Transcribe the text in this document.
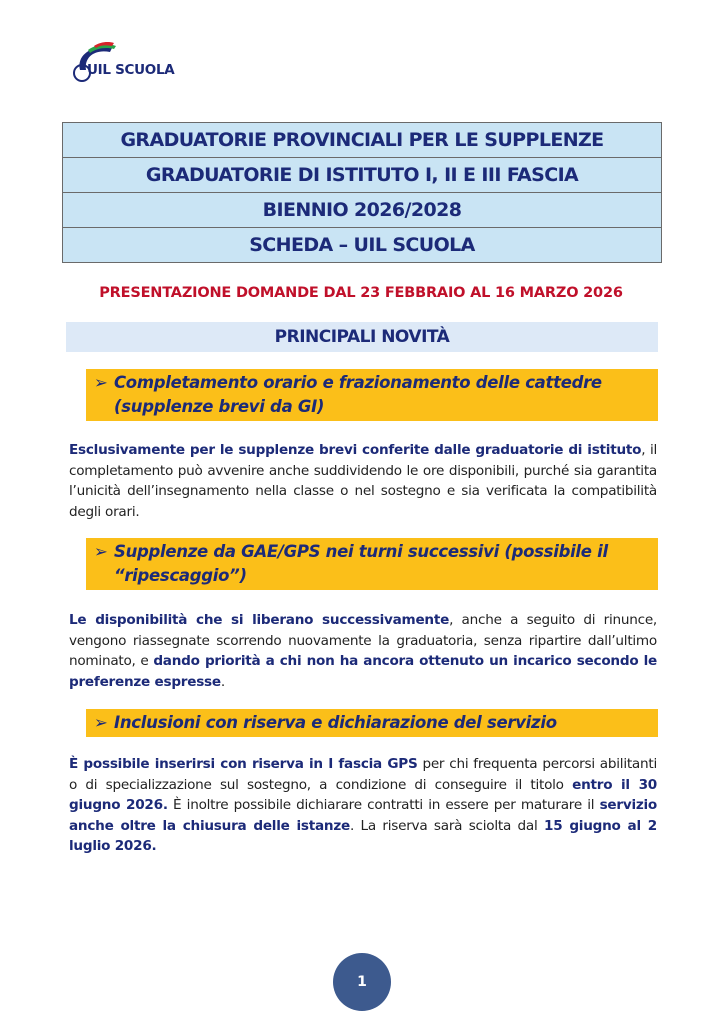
UIL SCUOLA
GRADUATORIE PROVINCIALI PER LE SUPPLENZE
GRADUATORIE DI ISTITUTO I, II E III FASCIA
BIENNIO 2026/2028
SCHEDA – UIL SCUOLA
PRESENTAZIONE DOMANDE DAL 23 FEBBRAIO AL 16 MARZO 2026
PRINCIPALI NOVITÀ
➢ Completamento orario e frazionamento delle cattedre
(supplenze brevi da GI)
Esclusivamente per le supplenze brevi conferite dalle graduatorie di istituto, il completamento può avvenire anche suddividendo le ore disponibili, purché sia garantita l’unicità dell’insegnamento nella classe o nel sostegno e sia verificata la compatibilità degli orari.
➢ Supplenze da GAE/GPS nei turni successivi (possibile il
“ripescaggio”)
Le disponibilità che si liberano successivamente, anche a seguito di rinunce, vengono riassegnate scorrendo nuovamente la graduatoria, senza ripartire dall’ultimo nominato, e dando priorità a chi non ha ancora ottenuto un incarico secondo le preferenze espresse.
➢ Inclusioni con riserva e dichiarazione del servizio
È possibile inserirsi con riserva in I fascia GPS per chi frequenta percorsi abilitanti o di specializzazione sul sostegno, a condizione di conseguire il titolo entro il 30 giugno 2026. È inoltre possibile dichiarare contratti in essere per maturare il servizio anche oltre la chiusura delle istanze. La riserva sarà sciolta dal 15 giugno al 2 luglio 2026.
1
